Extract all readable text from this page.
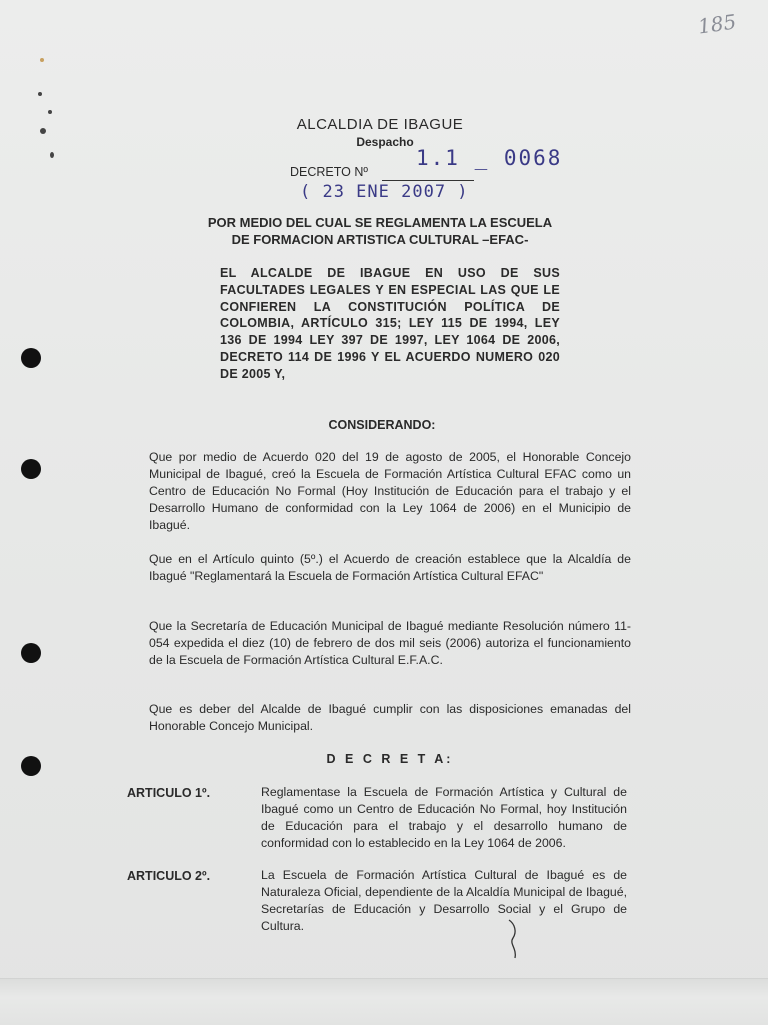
185
ALCALDIA DE IBAGUE
Despacho
DECRETO Nº
1.1 _ 0068
( 23 ENE 2007 )
POR MEDIO DEL CUAL SE REGLAMENTA LA ESCUELA
DE FORMACION ARTISTICA CULTURAL –EFAC-
EL ALCALDE DE IBAGUE EN USO DE SUS FACULTADES LEGALES Y EN ESPECIAL LAS QUE LE CONFIEREN LA CONSTITUCIÓN POLÍTICA DE COLOMBIA, ARTÍCULO 315; LEY 115 DE 1994, LEY 136 DE 1994 LEY 397 DE 1997, LEY 1064 DE 2006, DECRETO 114 DE 1996 Y EL ACUERDO NUMERO 020 DE 2005 Y,
CONSIDERANDO:
Que por medio de Acuerdo 020 del 19 de agosto de 2005, el Honorable Concejo Municipal de Ibagué, creó la Escuela de Formación Artística Cultural EFAC como un Centro de Educación No Formal (Hoy Institución de Educación para el trabajo y el Desarrollo Humano de conformidad con la Ley 1064 de 2006) en el Municipio de Ibagué.
Que en el Artículo quinto (5º.) el Acuerdo de creación establece que la Alcaldía de Ibagué "Reglamentará la Escuela de Formación Artística Cultural EFAC"
Que la Secretaría de Educación Municipal de Ibagué mediante Resolución número 11-054 expedida el diez (10) de febrero de dos mil seis (2006) autoriza el funcionamiento de la Escuela de Formación Artística Cultural E.F.A.C.
Que es deber del Alcalde de Ibagué cumplir con las disposiciones emanadas del Honorable Concejo Municipal.
D E C R E T A:
ARTICULO 1º.	Reglamentase la Escuela de Formación Artística y Cultural de Ibagué como un Centro de Educación No Formal, hoy Institución de Educación para el trabajo y el desarrollo humano de conformidad con lo establecido en la Ley 1064 de 2006.
ARTICULO 2º.	La Escuela de Formación Artística Cultural de Ibagué es de Naturaleza Oficial, dependiente de la Alcaldía Municipal de Ibagué, Secretarías de Educación y Desarrollo Social y el Grupo de Cultura.
